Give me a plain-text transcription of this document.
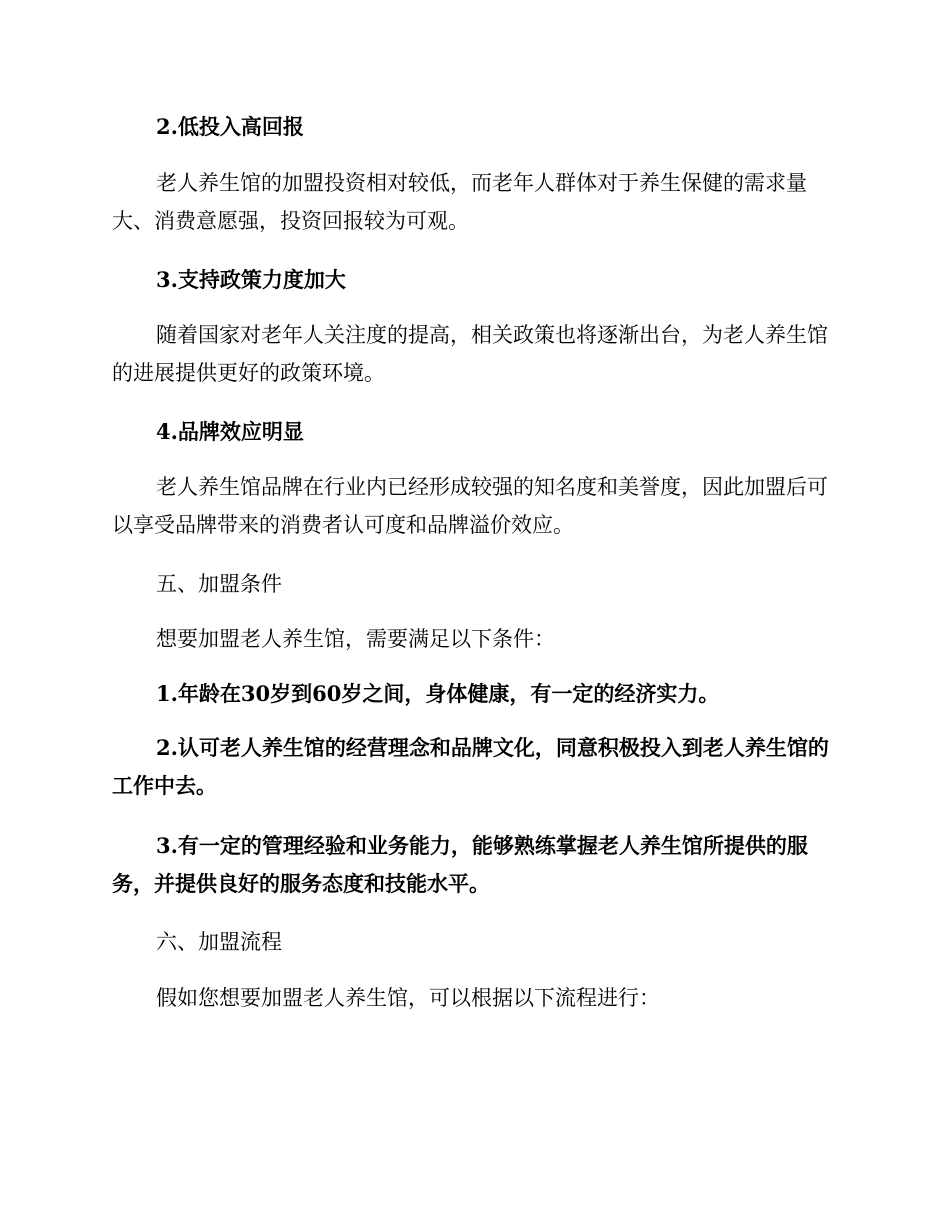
2.低投入高回报

老人养生馆的加盟投资相对较低，而老年人群体对于养生保健的需求量大、消费意愿强，投资回报较为可观。

3.支持政策力度加大

随着国家对老年人关注度的提高，相关政策也将逐渐出台，为老人养生馆的进展提供更好的政策环境。

4.品牌效应明显

老人养生馆品牌在行业内已经形成较强的知名度和美誉度，因此加盟后可以享受品牌带来的消费者认可度和品牌溢价效应。

五、加盟条件

想要加盟老人养生馆，需要满足以下条件：

1.年龄在30岁到60岁之间，身体健康，有一定的经济实力。

2.认可老人养生馆的经营理念和品牌文化，同意积极投入到老人养生馆的工作中去。

3.有一定的管理经验和业务能力，能够熟练掌握老人养生馆所提供的服务，并提供良好的服务态度和技能水平。

六、加盟流程

假如您想要加盟老人养生馆，可以根据以下流程进行：
